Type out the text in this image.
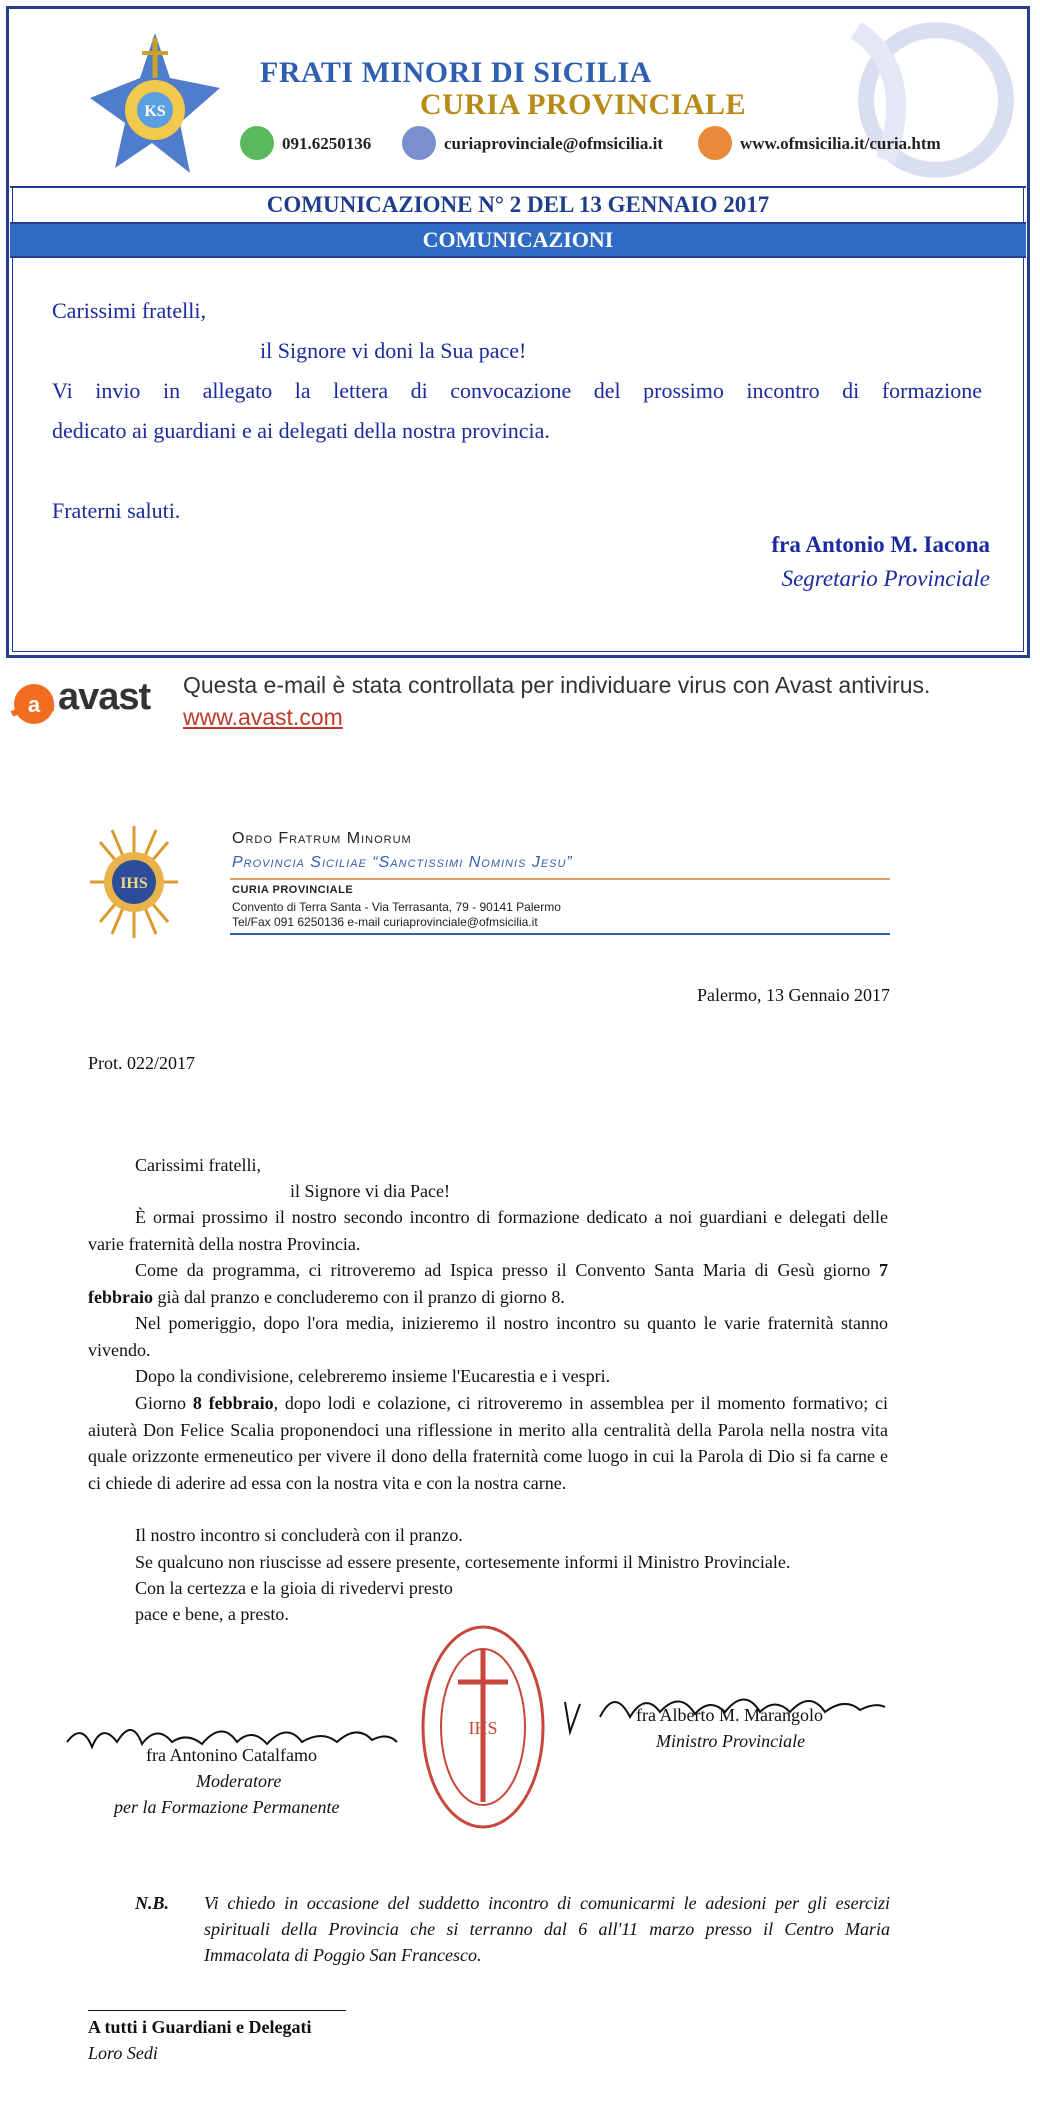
KS
FRATI MINORI DI SICILIA
CURIA PROVINCIALE
091.6250136	curiaprovinciale@ofmsicilia.it	www.ofmsicilia.it/curia.htm
COMUNICAZIONE N° 2 DEL 13 GENNAIO 2017
COMUNICAZIONI
Carissimi fratelli,
il Signore vi doni la Sua pace!
Vi invio in allegato la lettera di convocazione del prossimo incontro di formazione
dedicato ai guardiani e ai delegati della nostra provincia.
Fraterni saluti.
fra Antonio M. Iacona
Segretario Provinciale
a avast Questa e-mail è stata controllata per individuare virus con Avast antivirus.
www.avast.com
IHS
Ordo Fratrum Minorum
Provincia Siciliae “Sanctissimi Nominis Jesu”
CURIA PROVINCIALE
Convento di Terra Santa - Via Terrasanta, 79 - 90141 Palermo
Tel/Fax 091 6250136 e-mail curiaprovinciale@ofmsicilia.it
Palermo, 13 Gennaio 2017
Prot. 022/2017
Carissimi fratelli,
il Signore vi dia Pace!
È ormai prossimo il nostro secondo incontro di formazione dedicato a noi guardiani e delegati delle varie fraternità della nostra Provincia.
Come da programma, ci ritroveremo ad Ispica presso il Convento Santa Maria di Gesù giorno 7 febbraio già dal pranzo e concluderemo con il pranzo di giorno 8.
Nel pomeriggio, dopo l'ora media, inizieremo il nostro incontro su quanto le varie fraternità stanno vivendo.
Dopo la condivisione, celebreremo insieme l'Eucarestia e i vespri.
Giorno 8 febbraio, dopo lodi e colazione, ci ritroveremo in assemblea per il momento formativo; ci aiuterà Don Felice Scalia proponendoci una riflessione in merito alla centralità della Parola nella nostra vita quale orizzonte ermeneutico per vivere il dono della fraternità come luogo in cui la Parola di Dio si fa carne e ci chiede di aderire ad essa con la nostra vita e con la nostra carne.
Il nostro incontro si concluderà con il pranzo.
Se qualcuno non riuscisse ad essere presente, cortesemente informi il Ministro Provinciale.
Con la certezza e la gioia di rivedervi presto
pace e bene, a presto.
IHS
fra Antonino Catalfamo
Moderatore
per la Formazione Permanente
fra Alberto M. Marangolo
Ministro Provinciale
N.B. Vi chiedo in occasione del suddetto incontro di comunicarmi le adesioni per gli esercizi spirituali della Provincia che si terranno dal 6 all'11 marzo presso il Centro Maria Immacolata di Poggio San Francesco.
A tutti i Guardiani e Delegati
Loro Sedi
